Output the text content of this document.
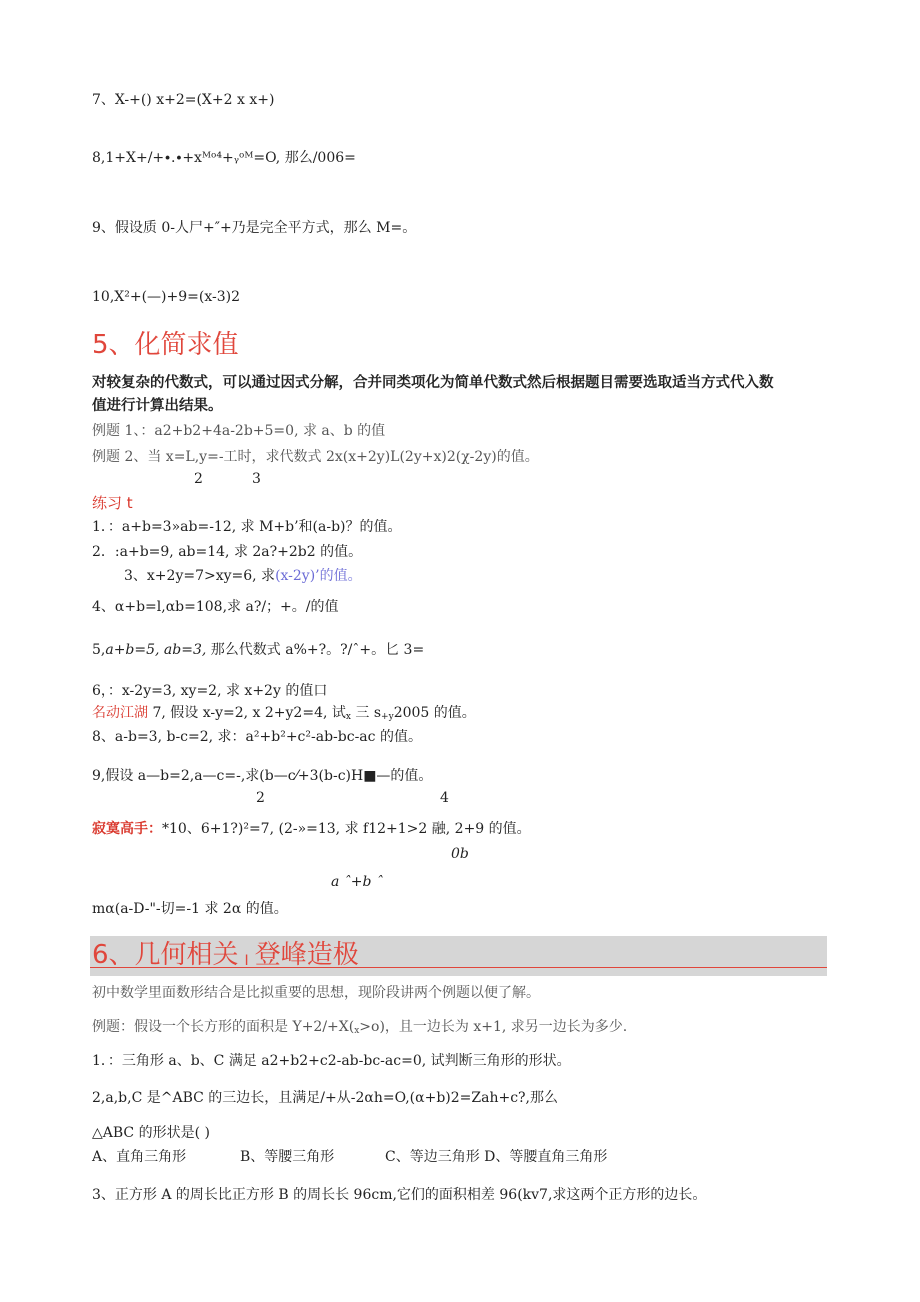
7、X-+() x+2=(X+2 x x+)
8,1+X+/+∙.∙+xᴹᵒ⁴+ᵧᵒᴹ=O, 那么/006=
9、假设质 0-人尸+″+乃是完全平方式，那么 M=。
10,X²+(—)+9=(x-3)2
5、化简求值
对较复杂的代数式，可以通过因式分解，合并同类项化为简单代数式然后根据题目需要选取适当方式代入数
值进行计算出结果。
例题 1、：a2+b2+4a-2b+5=0, 求 a、b 的值
例题 2、当 x=L,y=-工时，求代数式 2x(x+2y)L(2y+x)2(χ-2y)的值。
2	3
练习 t
1．：a+b=3»ab=-12, 求 M+b’和(a-b)？的值。
2．:a+b=9, ab=14, 求 2a?+2b2 的值。
3、x+2y=7>xy=6, 求(x-2y)’的值。
4、α+b=l,αb=108,求 a?/；+。/的值
5,a+b=5, ab=3, 那么代数式 a%+?。?/ˆ+。匕 3=
6，：x-2y=3, xy=2, 求 x+2y 的值口
名动江湖 7, 假设 x-y=2, x 2+y2=4, 试$_x$ 三 $s_{+y}2005$ 的值。
8、a-b=3, b-c=2, 求：a²+b²+c²-ab-bc-ac 的值。
9,假设 a—b=2,a—c=-,求(b—c⁄+3(b-c)H■—的值。
2	4
寂寞高手：*10、6+1?)²=7, (2-»=13, 求 f12+1>2 融, 2+9 的值。
0b
a ˆ+b ˆ
mα(a-D-"-切=-1 求 2α 的值。
6、几何相关 I 登峰造极
初中数学里面数形结合是比拟重要的思想，现阶段讲两个例题以便了解。
例题：假设一个长方形的面积是 $Y+2/+X(_x>o)$，且一边长为 x+1, 求另一边长为多少.
1．：三角形 a、b、C 满足 a2+b2+c2-ab-bc-ac=0, 试判断三角形的形状。
2,a,b,C 是^ABC 的三边长，且满足/+从-2αh=O,(α+b)2=Zah+c?,那么
△ABC 的形状是( )
A、直角三角形	B、等腰三角形	C、等边三角形 D、等腰直角三角形
3、正方形 A 的周长比正方形 B 的周长长 96cm,它们的面积相差 96(kv7,求这两个正方形的边长。
